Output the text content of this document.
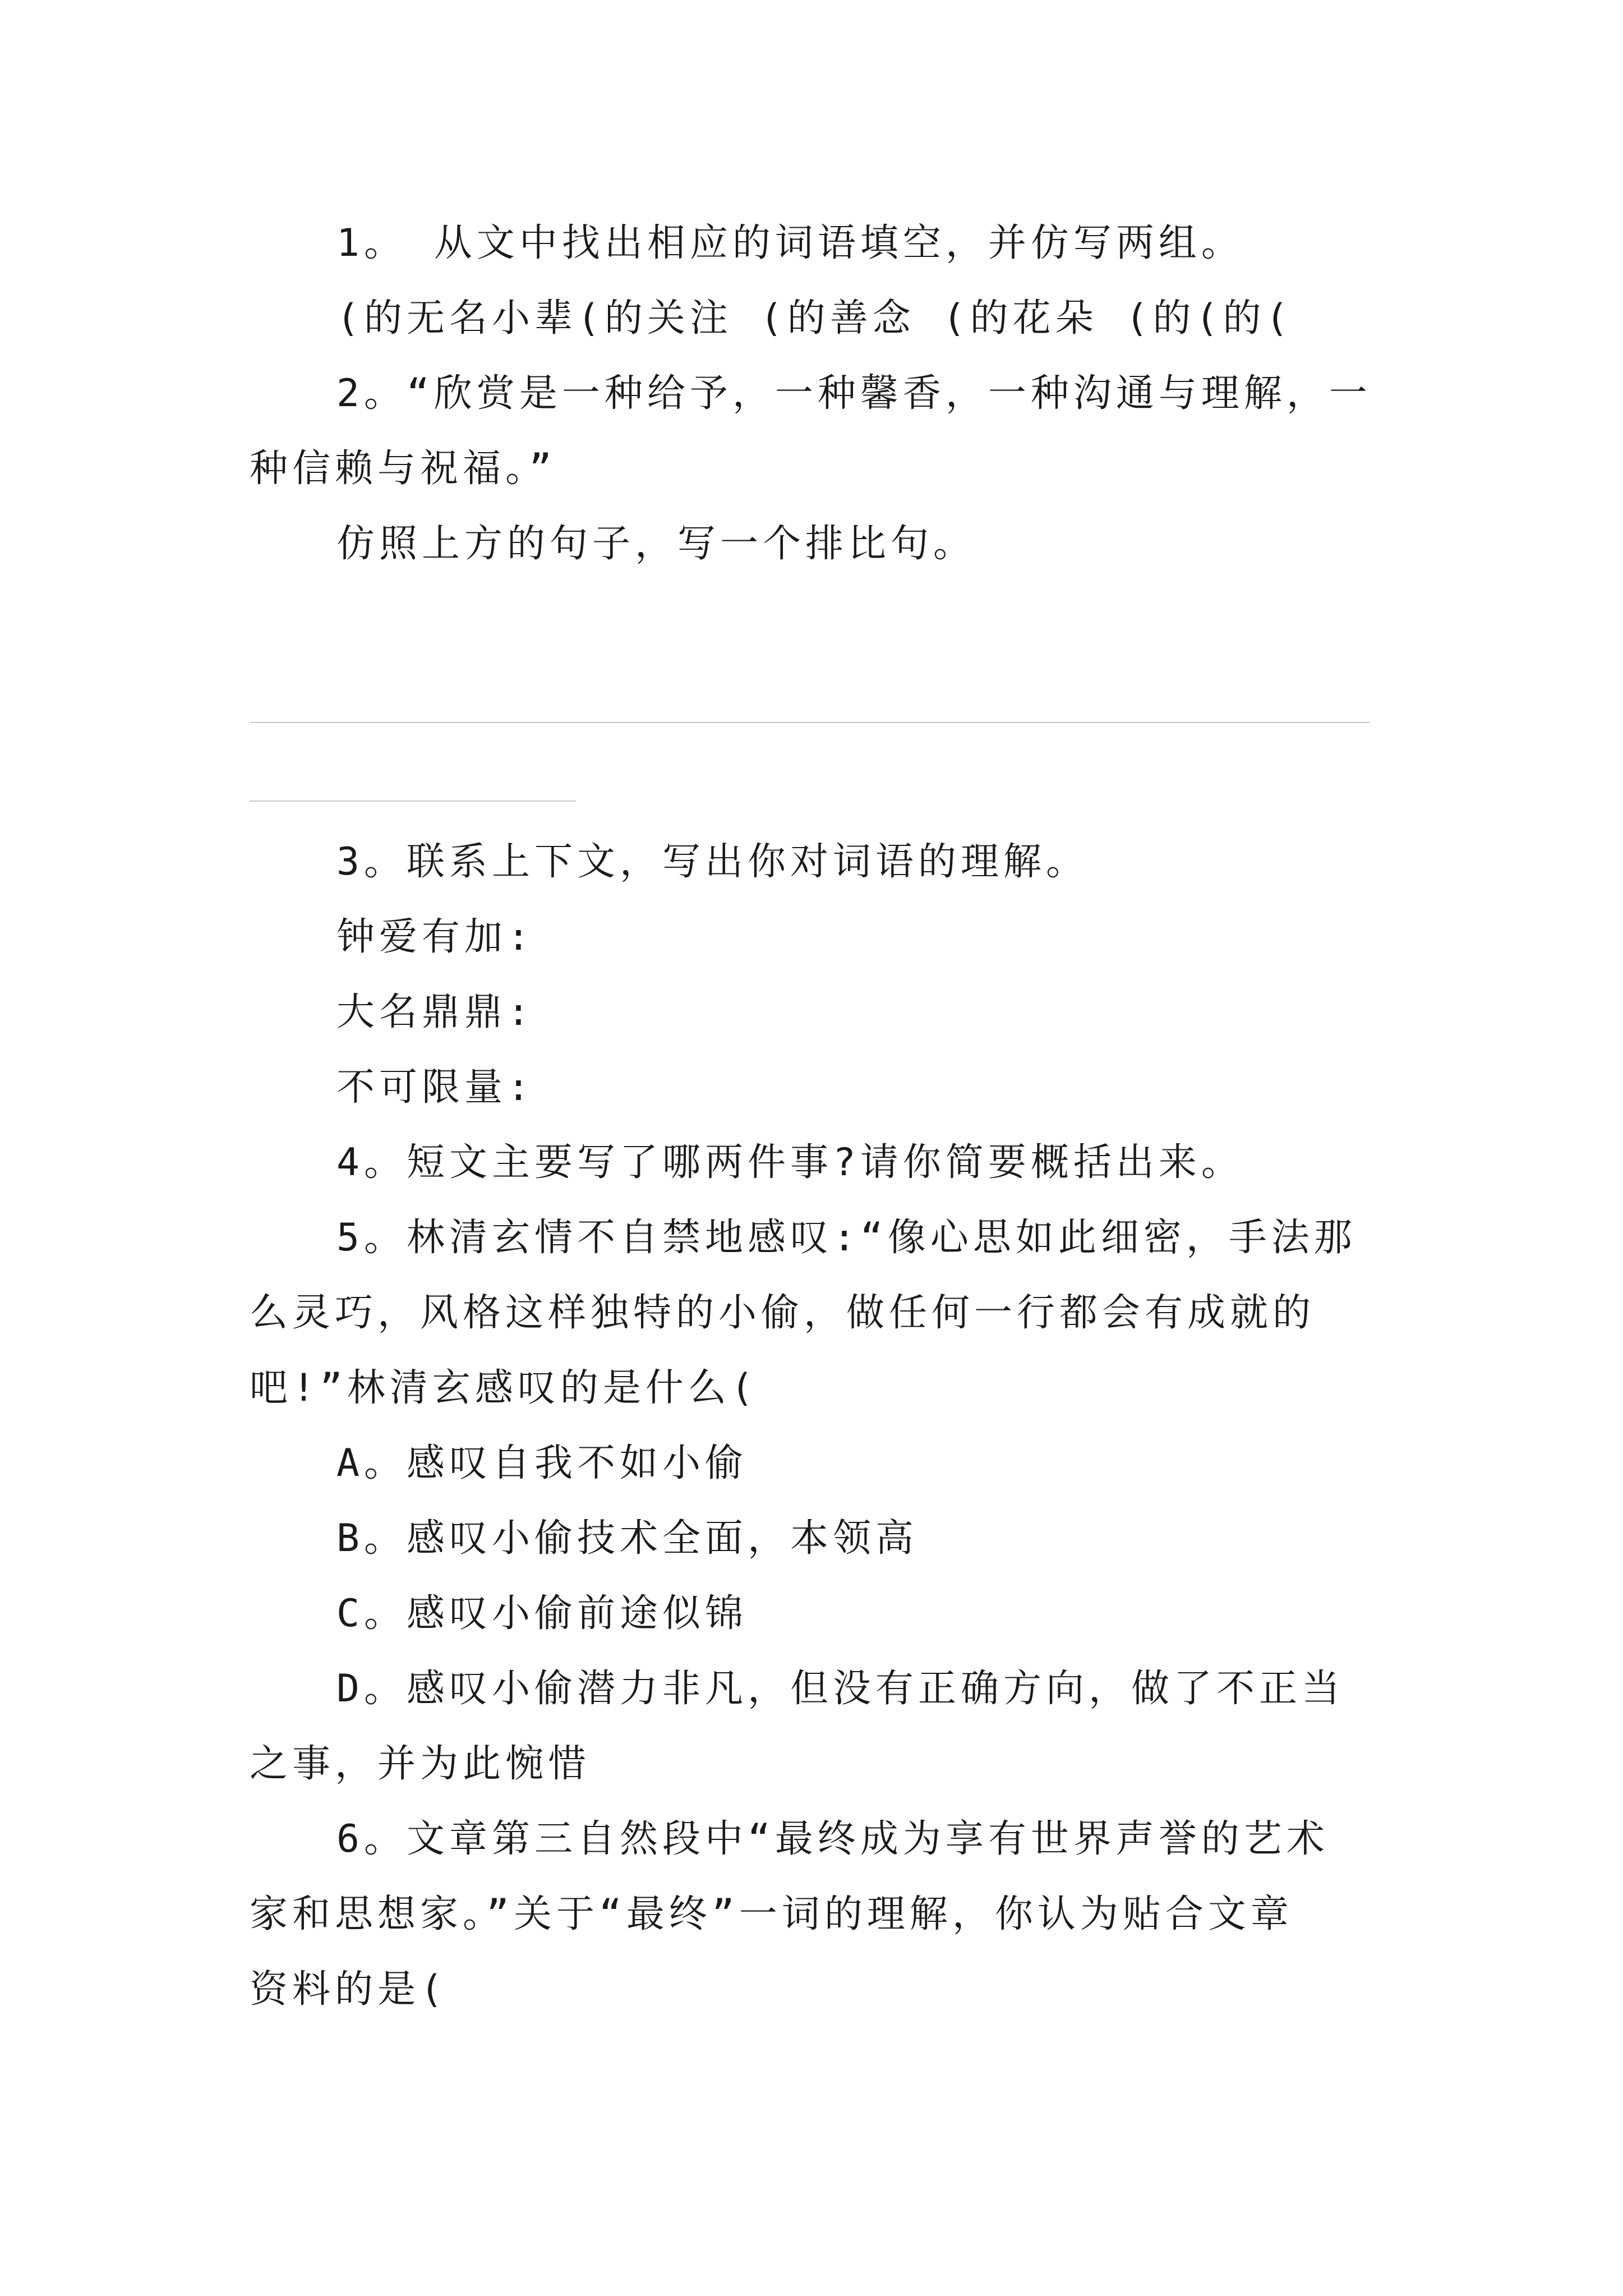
1。 从文中找出相应的词语填空，并仿写两组。

(的无名小辈(的关注 (的善念 (的花朵 (的(的(

2。“欣赏是一种给予，一种馨香，一种沟通与理解，一

种信赖与祝福。”

仿照上方的句子，写一个排比句。

3。联系上下文，写出你对词语的理解。

钟爱有加:

大名鼎鼎:

不可限量:

4。短文主要写了哪两件事?请你简要概括出来。

5。林清玄情不自禁地感叹:“像心思如此细密，手法那

么灵巧，风格这样独特的小偷，做任何一行都会有成就的

吧!”林清玄感叹的是什么(

A。感叹自我不如小偷

B。感叹小偷技术全面，本领高

C。感叹小偷前途似锦

D。感叹小偷潜力非凡，但没有正确方向，做了不正当

之事，并为此惋惜

6。文章第三自然段中“最终成为享有世界声誉的艺术

家和思想家。”关于“最终”一词的理解，你认为贴合文章

资料的是(
